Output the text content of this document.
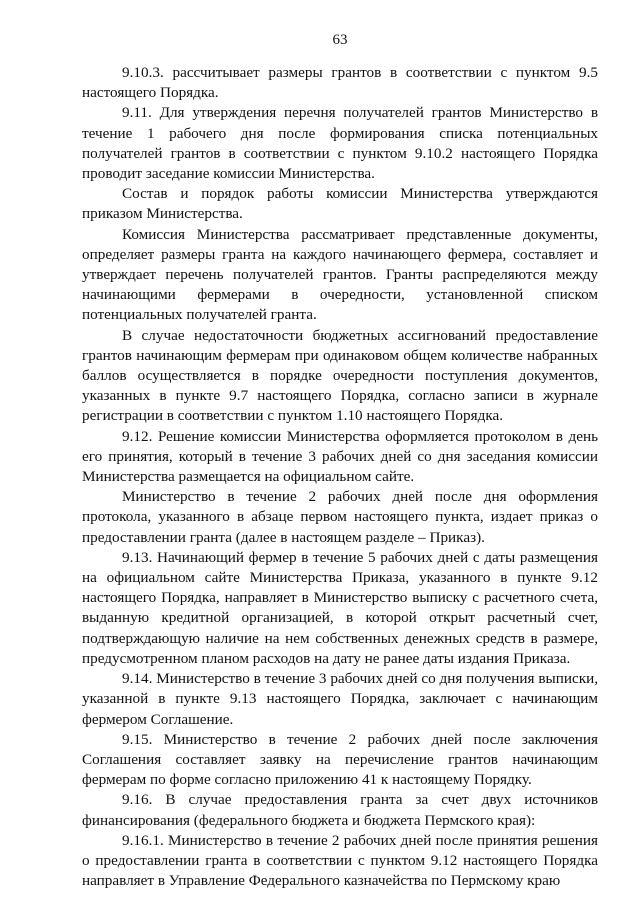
63

9.10.3. рассчитывает размеры грантов в соответствии с пунктом 9.5 настоящего Порядка.

9.11. Для утверждения перечня получателей грантов Министерство в течение 1 рабочего дня после формирования списка потенциальных получателей грантов в соответствии с пунктом 9.10.2 настоящего Порядка проводит заседание комиссии Министерства.

Состав и порядок работы комиссии Министерства утверждаются приказом Министерства.

Комиссия Министерства рассматривает представленные документы, определяет размеры гранта на каждого начинающего фермера, составляет и утверждает перечень получателей грантов. Гранты распределяются между начинающими фермерами в очередности, установленной списком потенциальных получателей гранта.

В случае недостаточности бюджетных ассигнований предоставление грантов начинающим фермерам при одинаковом общем количестве набранных баллов осуществляется в порядке очередности поступления документов, указанных в пункте 9.7 настоящего Порядка, согласно записи в журнале регистрации в соответствии с пунктом 1.10 настоящего Порядка.

9.12. Решение комиссии Министерства оформляется протоколом в день его принятия, который в течение 3 рабочих дней со дня заседания комиссии Министерства размещается на официальном сайте.

Министерство в течение 2 рабочих дней после дня оформления протокола, указанного в абзаце первом настоящего пункта, издает приказ о предоставлении гранта (далее в настоящем разделе – Приказ).

9.13. Начинающий фермер в течение 5 рабочих дней с даты размещения на официальном сайте Министерства Приказа, указанного в пункте 9.12 настоящего Порядка, направляет в Министерство выписку с расчетного счета, выданную кредитной организацией, в которой открыт расчетный счет, подтверждающую наличие на нем собственных денежных средств в размере, предусмотренном планом расходов на дату не ранее даты издания Приказа.

9.14. Министерство в течение 3 рабочих дней со дня получения выписки, указанной в пункте 9.13 настоящего Порядка, заключает с начинающим фермером Соглашение.

9.15. Министерство в течение 2 рабочих дней после заключения Соглашения составляет заявку на перечисление грантов начинающим фермерам по форме согласно приложению 41 к настоящему Порядку.

9.16. В случае предоставления гранта за счет двух источников финансирования (федерального бюджета и бюджета Пермского края):

9.16.1. Министерство в течение 2 рабочих дней после принятия решения о предоставлении гранта в соответствии с пунктом 9.12 настоящего Порядка направляет в Управление Федерального казначейства по Пермскому краю
